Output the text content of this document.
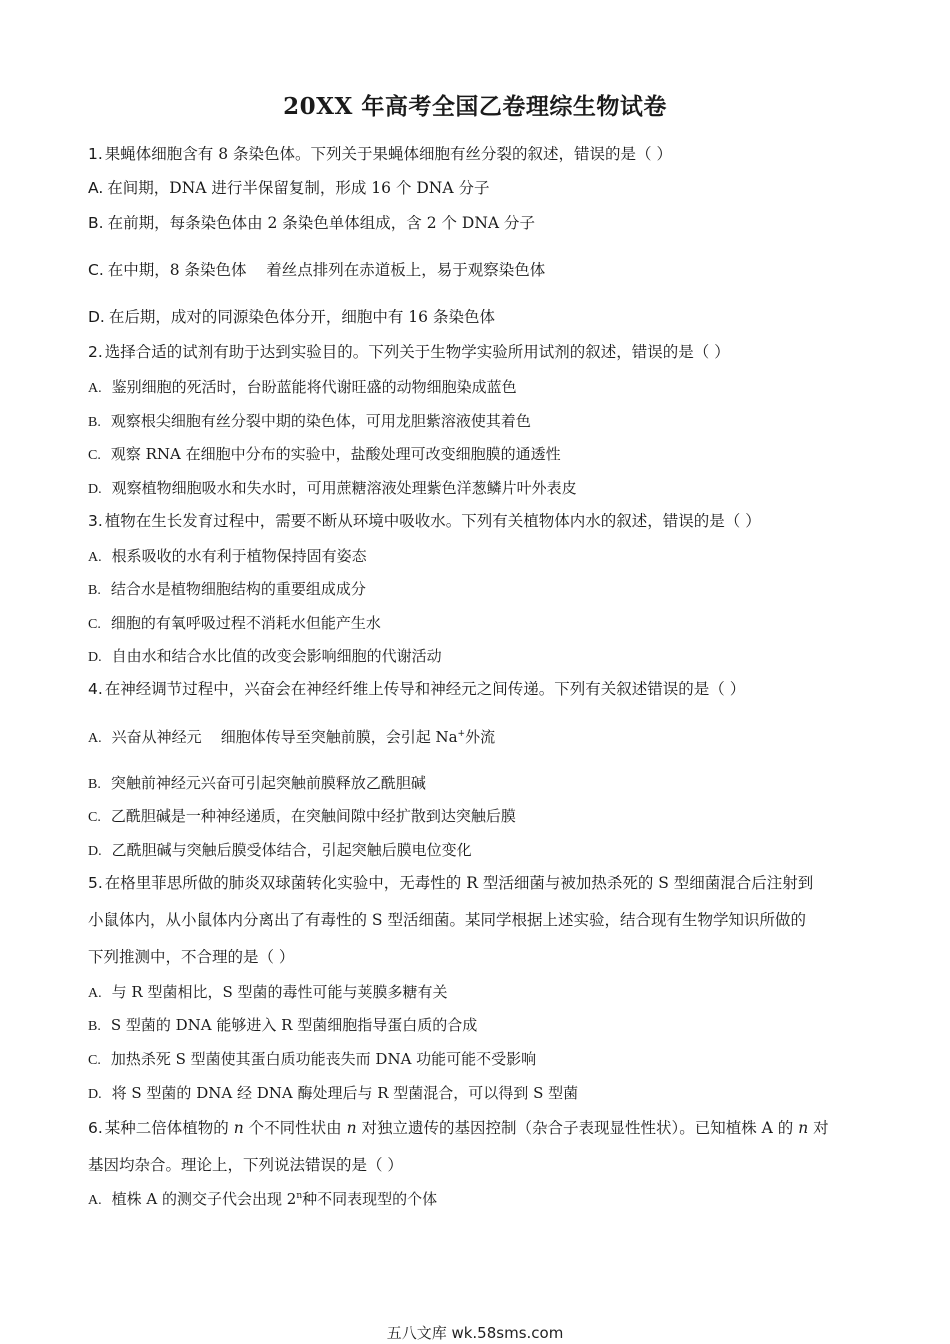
20XX 年高考全国乙卷理综生物试卷
1. 果蝇体细胞含有 8 条染色体。下列关于果蝇体细胞有丝分裂的叙述，错误的是（ ）
A. 在间期，DNA 进行半保留复制，形成 16 个 DNA 分子
B. 在前期，每条染色体由 2 条染色单体组成，含 2 个 DNA 分子
C. 在中期，8 条染色体    着丝点排列在赤道板上，易于观察染色体
D. 在后期，成对的同源染色体分开，细胞中有 16 条染色体
2. 选择合适的试剂有助于达到实验目的。下列关于生物学实验所用试剂的叙述，错误的是（ ）
A. 鉴别细胞的死活时，台盼蓝能将代谢旺盛的动物细胞染成蓝色
B. 观察根尖细胞有丝分裂中期的染色体，可用龙胆紫溶液使其着色
C. 观察 RNA 在细胞中分布的实验中，盐酸处理可改变细胞膜的通透性
D. 观察植物细胞吸水和失水时，可用蔗糖溶液处理紫色洋葱鳞片叶外表皮
3. 植物在生长发育过程中，需要不断从环境中吸收水。下列有关植物体内水的叙述，错误的是（ ）
A. 根系吸收的水有利于植物保持固有姿态
B. 结合水是植物细胞结构的重要组成成分
C. 细胞的有氧呼吸过程不消耗水但能产生水
D. 自由水和结合水比值的改变会影响细胞的代谢活动
4. 在神经调节过程中，兴奋会在神经纤维上传导和神经元之间传递。下列有关叙述错误的是（ ）
A. 兴奋从神经元    细胞体传导至突触前膜，会引起 Na+外流
B. 突触前神经元兴奋可引起突触前膜释放乙酰胆碱
C. 乙酰胆碱是一种神经递质，在突触间隙中经扩散到达突触后膜
D. 乙酰胆碱与突触后膜受体结合，引起突触后膜电位变化
5. 在格里菲思所做的肺炎双球菌转化实验中，无毒性的 R 型活细菌与被加热杀死的 S 型细菌混合后注射到
小鼠体内，从小鼠体内分离出了有毒性的 S 型活细菌。某同学根据上述实验，结合现有生物学知识所做的
下列推测中，不合理的是（ ）
A. 与 R 型菌相比，S 型菌的毒性可能与荚膜多糖有关
B. S 型菌的 DNA 能够进入 R 型菌细胞指导蛋白质的合成
C. 加热杀死 S 型菌使其蛋白质功能丧失而 DNA 功能可能不受影响
D. 将 S 型菌的 DNA 经 DNA 酶处理后与 R 型菌混合，可以得到 S 型菌
6. 某种二倍体植物的 n 个不同性状由 n 对独立遗传的基因控制（杂合子表现显性性状）。已知植株 A 的 n 对
基因均杂合。理论上，下列说法错误的是（ ）
A. 植株 A 的测交子代会出现 2$^n$种不同表现型的个体
五八文库 wk.58sms.com
